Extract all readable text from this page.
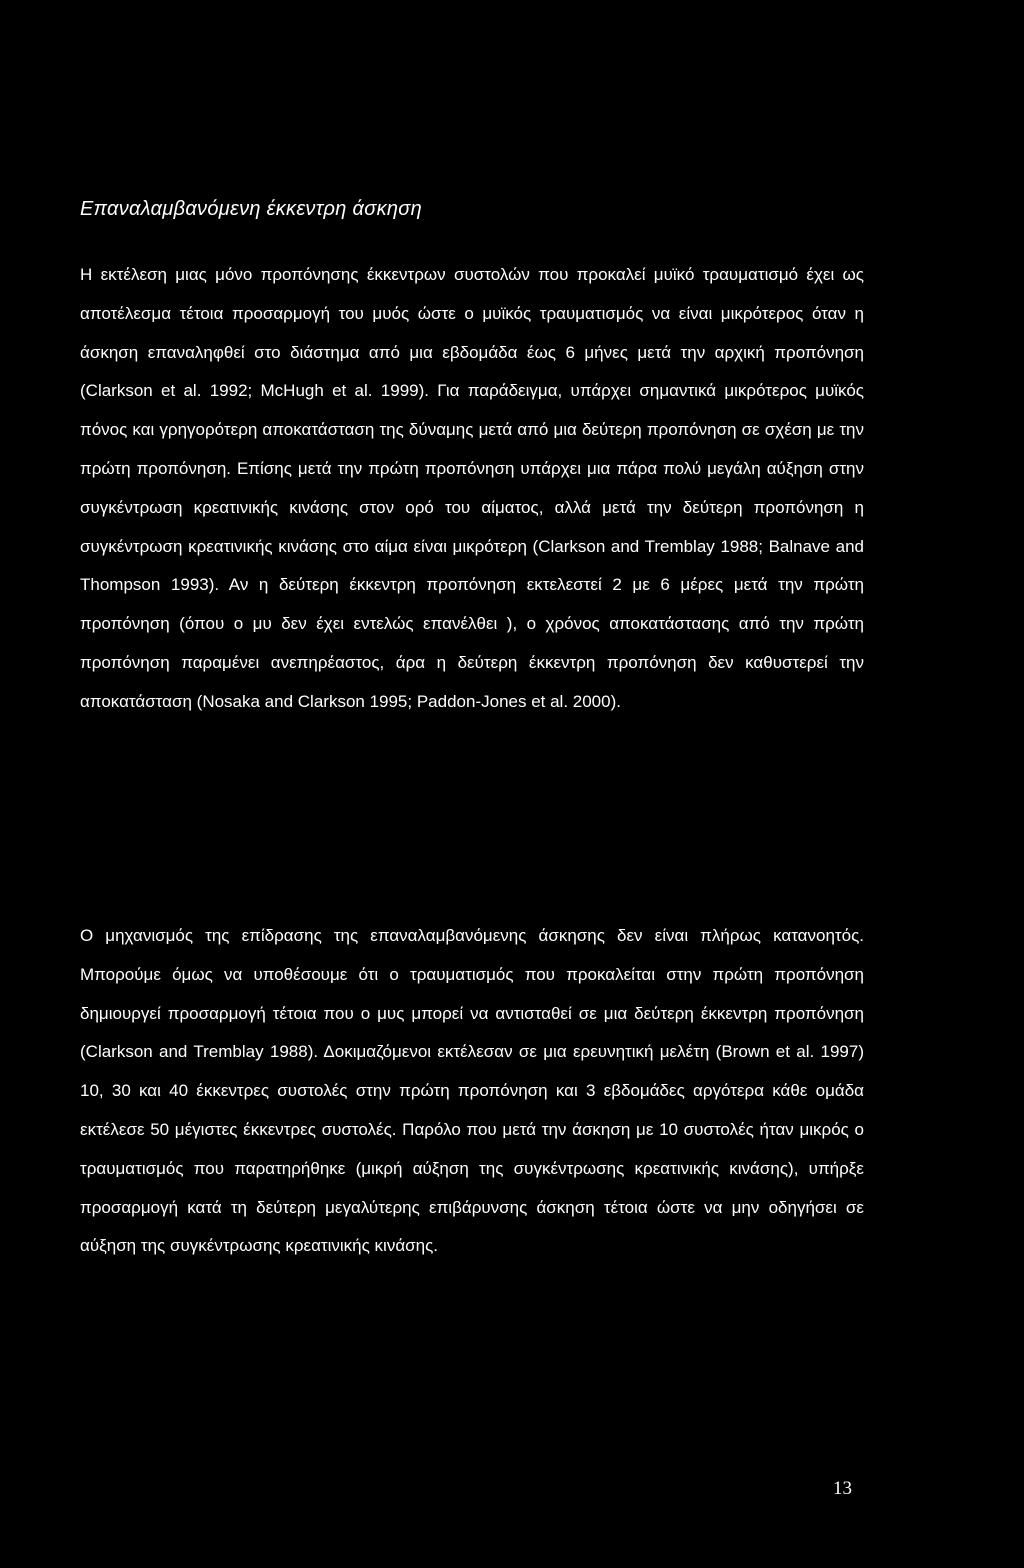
Επαναλαμβανόμενη έκκεντρη άσκηση

Η εκτέλεση μιας μόνο προπόνησης έκκεντρων συστολών που προκαλεί μυϊκό τραυματισμό έχει ως αποτέλεσμα τέτοια προσαρμογή του μυός ώστε ο μυϊκός τραυματισμός να είναι μικρότερος όταν η άσκηση επαναληφθεί στο διάστημα από μια εβδομάδα έως 6 μήνες μετά την αρχική προπόνηση (Clarkson et al. 1992; McHugh et al. 1999). Για παράδειγμα, υπάρχει σημαντικά μικρότερος μυϊκός πόνος και γρηγορότερη αποκατάσταση της δύναμης μετά από μια δεύτερη προπόνηση σε σχέση με την πρώτη προπόνηση. Επίσης μετά την πρώτη προπόνηση υπάρχει μια πάρα πολύ μεγάλη αύξηση στην συγκέντρωση κρεατινικής κινάσης στον ορό του αίματος, αλλά μετά την δεύτερη προπόνηση η συγκέντρωση κρεατινικής κινάσης στο αίμα είναι μικρότερη (Clarkson and Tremblay 1988; Balnave and Thompson 1993). Αν η δεύτερη έκκεντρη προπόνηση εκτελεστεί 2 με 6 μέρες μετά την πρώτη προπόνηση (όπου ο μυ δεν έχει εντελώς επανέλθει ), ο χρόνος αποκατάστασης από την πρώτη προπόνηση παραμένει ανεπηρέαστος, άρα η δεύτερη έκκεντρη προπόνηση δεν καθυστερεί την αποκατάσταση (Nosaka and Clarkson 1995; Paddon-Jones et al. 2000).

Ο μηχανισμός της επίδρασης της επαναλαμβανόμενης άσκησης δεν είναι πλήρως κατανοητός. Μπορούμε όμως να υποθέσουμε ότι ο τραυματισμός που προκαλείται στην πρώτη προπόνηση δημιουργεί προσαρμογή τέτοια που ο μυς μπορεί να αντισταθεί σε μια δεύτερη έκκεντρη προπόνηση (Clarkson and Tremblay 1988). Δοκιμαζόμενοι εκτέλεσαν σε μια ερευνητική μελέτη (Brown et al. 1997) 10, 30 και 40 έκκεντρες συστολές στην πρώτη προπόνηση και 3 εβδομάδες αργότερα κάθε ομάδα εκτέλεσε 50 μέγιστες έκκεντρες συστολές. Παρόλο που μετά την άσκηση με 10 συστολές ήταν μικρός ο τραυματισμός που παρατηρήθηκε (μικρή αύξηση της συγκέντρωσης κρεατινικής κινάσης), υπήρξε προσαρμογή κατά τη δεύτερη μεγαλύτερης επιβάρυνσης άσκηση τέτοια ώστε να μην οδηγήσει σε αύξηση της συγκέντρωσης κρεατινικής κινάσης.

13
